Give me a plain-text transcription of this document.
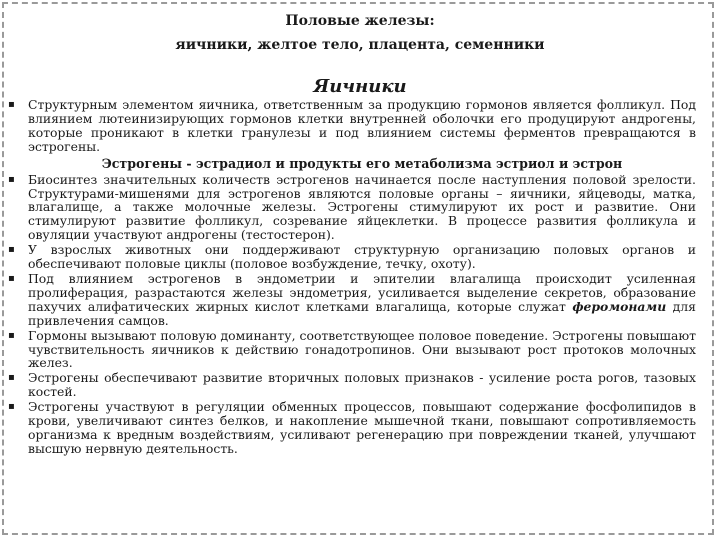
Половые железы:
яичники, желтое тело, плацента, семенники
Яичники
▪ Структурным элементом яичника, ответственным за продукцию гормонов является фолликул. Под влиянием лютеинизирующих гормонов клетки внутренней оболочки его продуцируют андрогены, которые проникают в клетки гранулезы и под влиянием системы ферментов превращаются в эстрогены.
Эстрогены - эстрадиол и продукты его метаболизма эстриол и эстрон
▪ Биосинтез значительных количеств эстрогенов начинается после наступления половой зрелости. Структурами-мишенями для эстрогенов являются половые органы – яичники, яйцеводы, матка, влагалище, а также молочные железы. Эстрогены стимулируют их рост и развитие. Они стимулируют развитие фолликул, созревание яйцеклетки. В процессе развития фолликула и овуляции участвуют андрогены (тестостерон).
▪ У взрослых животных они поддерживают структурную организацию половых органов и обеспечивают половые циклы (половое возбуждение, течку, охоту).
▪ Под влиянием эстрогенов в эндометрии и эпителии влагалища происходит усиленная пролиферация, разрастаются железы эндометрия, усиливается выделение секретов, образование пахучих алифатических жирных кислот клетками влагалища, которые служат феромонами для привлечения самцов.
▪ Гормоны вызывают половую доминанту, соответствующее половое поведение. Эстрогены повышают чувствительность яичников к действию гонадотропинов. Они вызывают рост протоков молочных желез.
▪ Эстрогены обеспечивают развитие вторичных половых признаков - усиление роста рогов, тазовых костей.
▪ Эстрогены участвуют в регуляции обменных процессов, повышают содержание фосфолипидов в крови, увеличивают синтез белков, и накопление мышечной ткани, повышают сопротивляемость организма к вредным воздействиям, усиливают регенерацию при повреждении тканей, улучшают высшую нервную деятельность.
